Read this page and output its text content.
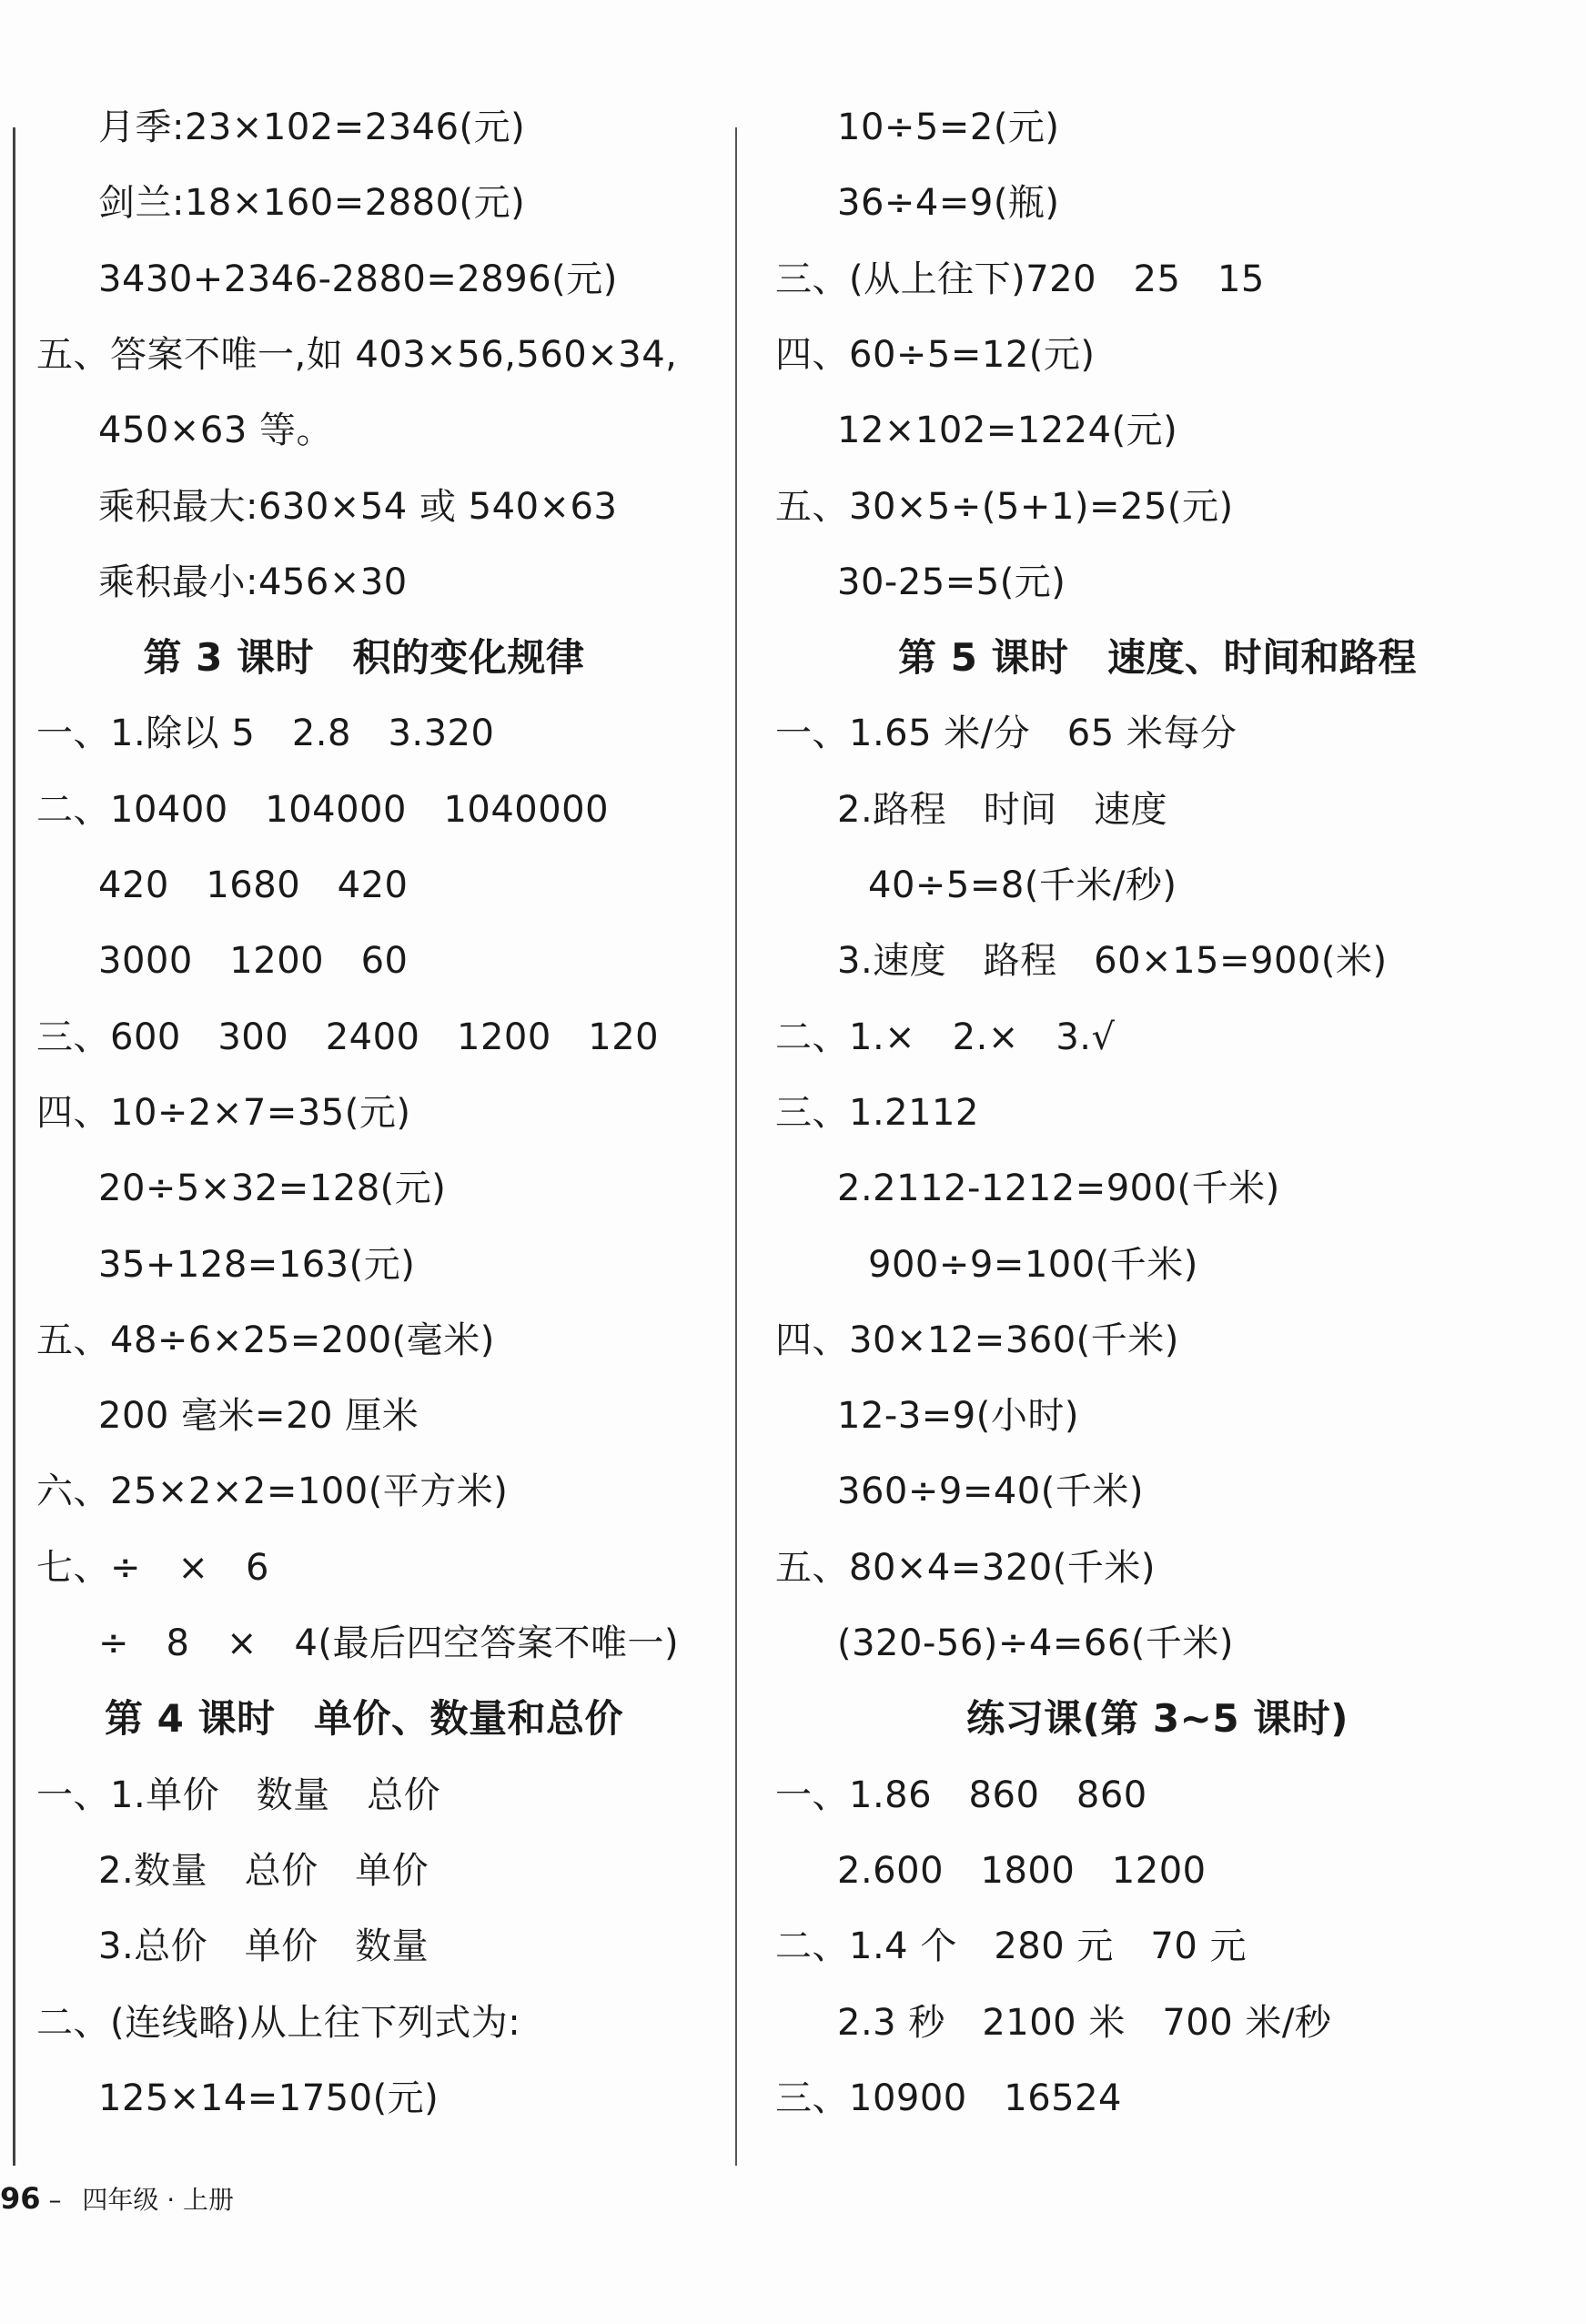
月季:23×102=2346(元)
剑兰:18×160=2880(元)
3430+2346-2880=2896(元)
五、答案不唯一,如 403×56,560×34,
450×63 等。
乘积最大:630×54 或 540×63
乘积最小:456×30
第 3 课时　积的变化规律
一、1.除以 5　2.8　3.320
二、10400　104000　1040000
420　1680　420
3000　1200　60
三、600　300　2400　1200　120
四、10÷2×7=35(元)
20÷5×32=128(元)
35+128=163(元)
五、48÷6×25=200(毫米)
200 毫米=20 厘米
六、25×2×2=100(平方米)
七、÷　×　6
÷　8　×　4(最后四空答案不唯一)
第 4 课时　单价、数量和总价
一、1.单价　数量　总价
2.数量　总价　单价
3.总价　单价　数量
二、(连线略)从上往下列式为:
125×14=1750(元)
10÷5=2(元)
36÷4=9(瓶)
三、(从上往下)720　25　15
四、60÷5=12(元)
12×102=1224(元)
五、30×5÷(5+1)=25(元)
30-25=5(元)
第 5 课时　速度、时间和路程
一、1.65 米/分　65 米每分
2.路程　时间　速度
40÷5=8(千米/秒)
3.速度　路程　60×15=900(米)
二、1.×　2.×　3.√
三、1.2112
2.2112-1212=900(千米)
900÷9=100(千米)
四、30×12=360(千米)
12-3=9(小时)
360÷9=40(千米)
五、80×4=320(千米)
(320-56)÷4=66(千米)
练习课(第 3~5 课时)
一、1.86　860　860
2.600　1800　1200
二、1.4 个　280 元　70 元
2.3 秒　2100 米　700 米/秒
三、10900　16524
96 – 四年级 · 上册
